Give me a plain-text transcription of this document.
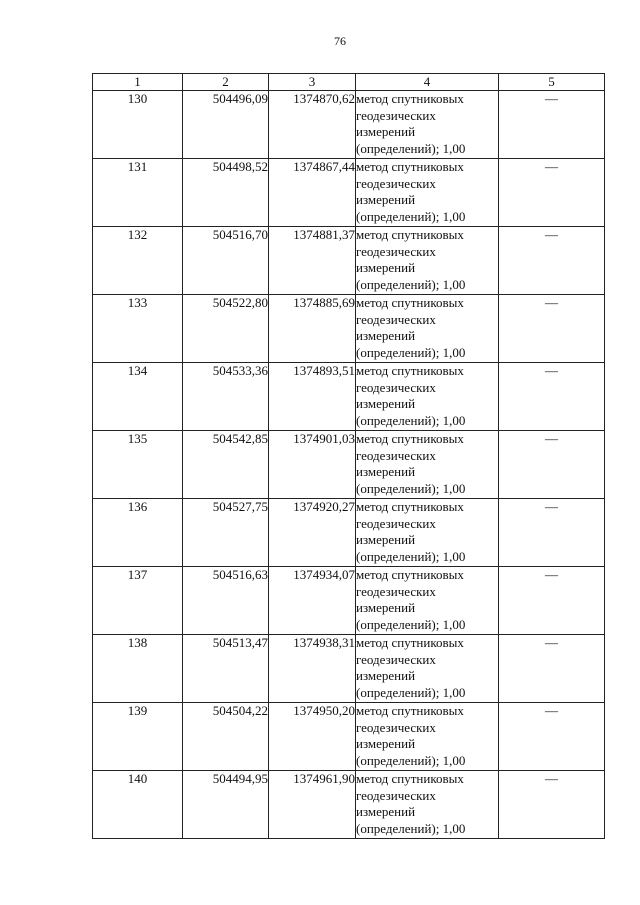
76
1	2	3	4	5
130	504496,09	1374870,62	метод спутниковых геодезических измерений (определений); 1,00	—
131	504498,52	1374867,44	метод спутниковых геодезических измерений (определений); 1,00	—
132	504516,70	1374881,37	метод спутниковых геодезических измерений (определений); 1,00	—
133	504522,80	1374885,69	метод спутниковых геодезических измерений (определений); 1,00	—
134	504533,36	1374893,51	метод спутниковых геодезических измерений (определений); 1,00	—
135	504542,85	1374901,03	метод спутниковых геодезических измерений (определений); 1,00	—
136	504527,75	1374920,27	метод спутниковых геодезических измерений (определений); 1,00	—
137	504516,63	1374934,07	метод спутниковых геодезических измерений (определений); 1,00	—
138	504513,47	1374938,31	метод спутниковых геодезических измерений (определений); 1,00	—
139	504504,22	1374950,20	метод спутниковых геодезических измерений (определений); 1,00	—
140	504494,95	1374961,90	метод спутниковых геодезических измерений (определений); 1,00	—
